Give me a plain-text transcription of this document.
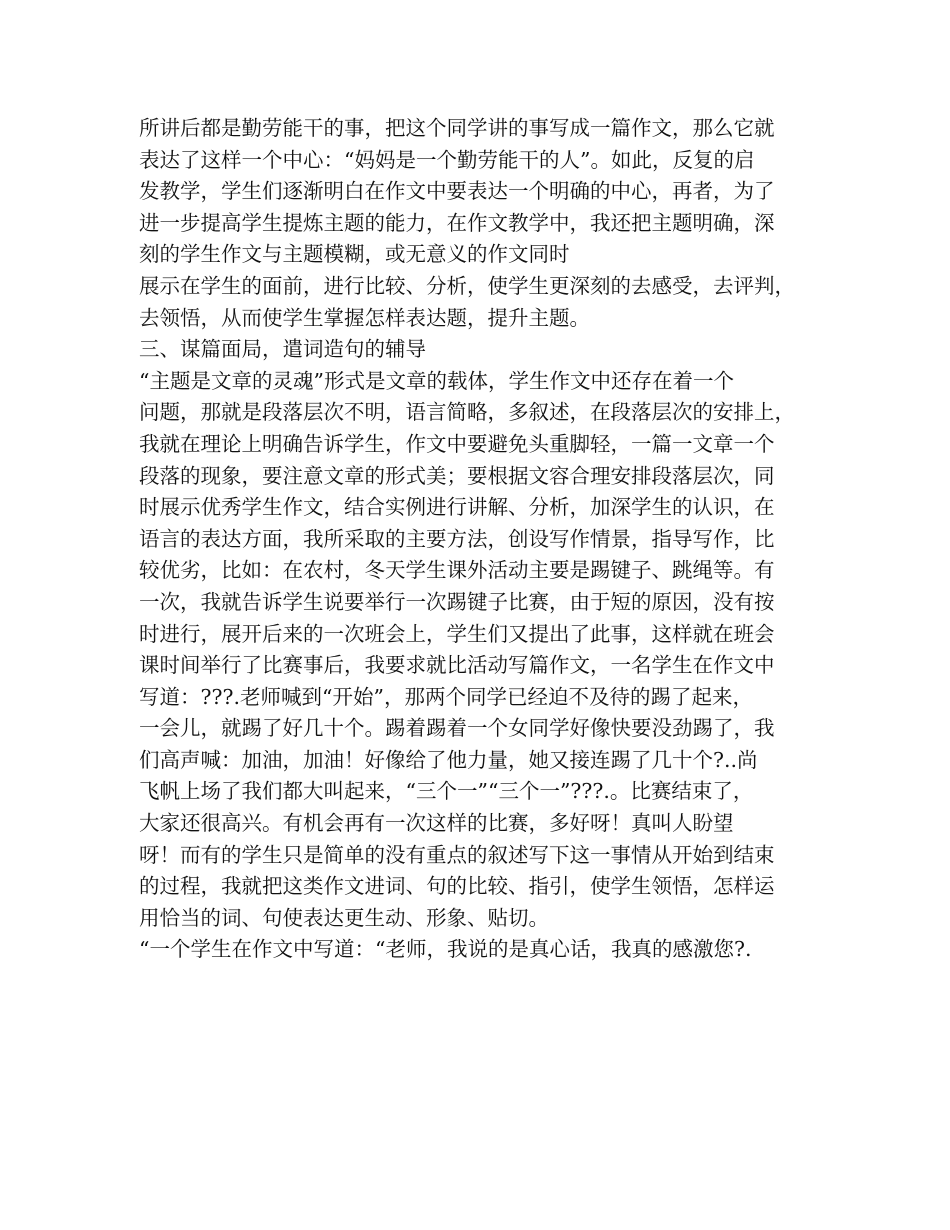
所讲后都是勤劳能干的事，把这个同学讲的事写成一篇作文，那么它就
表达了这样一个中心：“妈妈是一个勤劳能干的人”。如此，反复的启
发教学，学生们逐渐明白在作文中要表达一个明确的中心，再者，为了
进一步提高学生提炼主题的能力，在作文教学中，我还把主题明确，深
刻的学生作文与主题模糊，或无意义的作文同时
展示在学生的面前，进行比较、分析，使学生更深刻的去感受，去评判，
去领悟，从而使学生掌握怎样表达题，提升主题。
三、谋篇面局，遣词造句的辅导
“主题是文章的灵魂”形式是文章的载体，学生作文中还存在着一个
问题，那就是段落层次不明，语言简略，多叙述，在段落层次的安排上，
我就在理论上明确告诉学生，作文中要避免头重脚轻，一篇一文章一个
段落的现象，要注意文章的形式美；要根据文容合理安排段落层次，同
时展示优秀学生作文，结合实例进行讲解、分析，加深学生的认识，在
语言的表达方面，我所采取的主要方法，创设写作情景，指导写作，比
较优劣，比如：在农村，冬天学生课外活动主要是踢键子、跳绳等。有
一次，我就告诉学生说要举行一次踢键子比赛，由于短的原因，没有按
时进行，展开后来的一次班会上，学生们又提出了此事，这样就在班会
课时间举行了比赛事后，我要求就比活动写篇作文，一名学生在作文中
写道：???.老师喊到“开始”，那两个同学已经迫不及待的踢了起来，
一会儿，就踢了好几十个。踢着踢着一个女同学好像快要没劲踢了，我
们高声喊：加油，加油！好像给了他力量，她又接连踢了几十个?..尚
飞帆上场了我们都大叫起来，“三个一”“三个一”???.。比赛结束了，
大家还很高兴。有机会再有一次这样的比赛，多好呀！真叫人盼望
呀！而有的学生只是简单的没有重点的叙述写下这一事情从开始到结束
的过程，我就把这类作文进词、句的比较、指引，使学生领悟，怎样运
用恰当的词、句使表达更生动、形象、贴切。
“一个学生在作文中写道：“老师，我说的是真心话，我真的感激您?.
